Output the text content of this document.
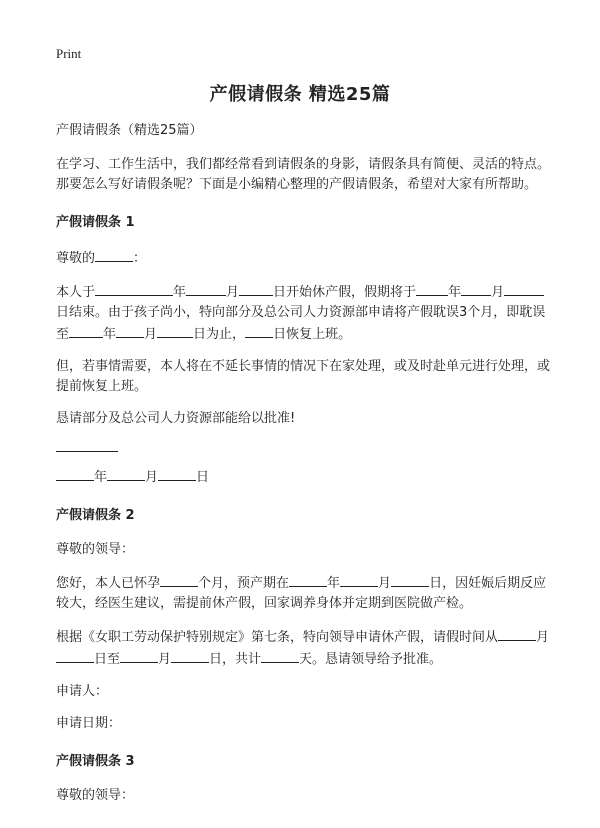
Print
产假请假条 精选25篇

产假请假条（精选25篇）

在学习、工作生活中，我们都经常看到请假条的身影，请假条具有简便、灵活的特点。那要怎么写好请假条呢？下面是小编精心整理的产假请假条，希望对大家有所帮助。

产假请假条 1

尊敬的	：

本人于	年	月	日开始休产假，假期将于 年 月日结束。由于孩子尚小，特向部分及总公司人力资源部申请将产假耽误3个月，即耽误至	年 月	日为止， 日恢复上班。

但，若事情需要，本人将在不延长事情的情况下在家处理，或及时赴单元进行处理，或提前恢复上班。

恳请部分及总公司人力资源部能给以批准!

年	月	日

产假请假条 2

尊敬的领导：

您好，本人已怀孕	个月，预产期在	年	月	日，因妊娠后期反应较大，经医生建议，需提前休产假，回家调养身体并定期到医院做产检。

根据《女职工劳动保护特别规定》第七条，特向领导申请休产假，请假时间从	月日至	月	日，共计	天。恳请领导给予批准。

申请人：

申请日期：

产假请假条 3

尊敬的领导：
